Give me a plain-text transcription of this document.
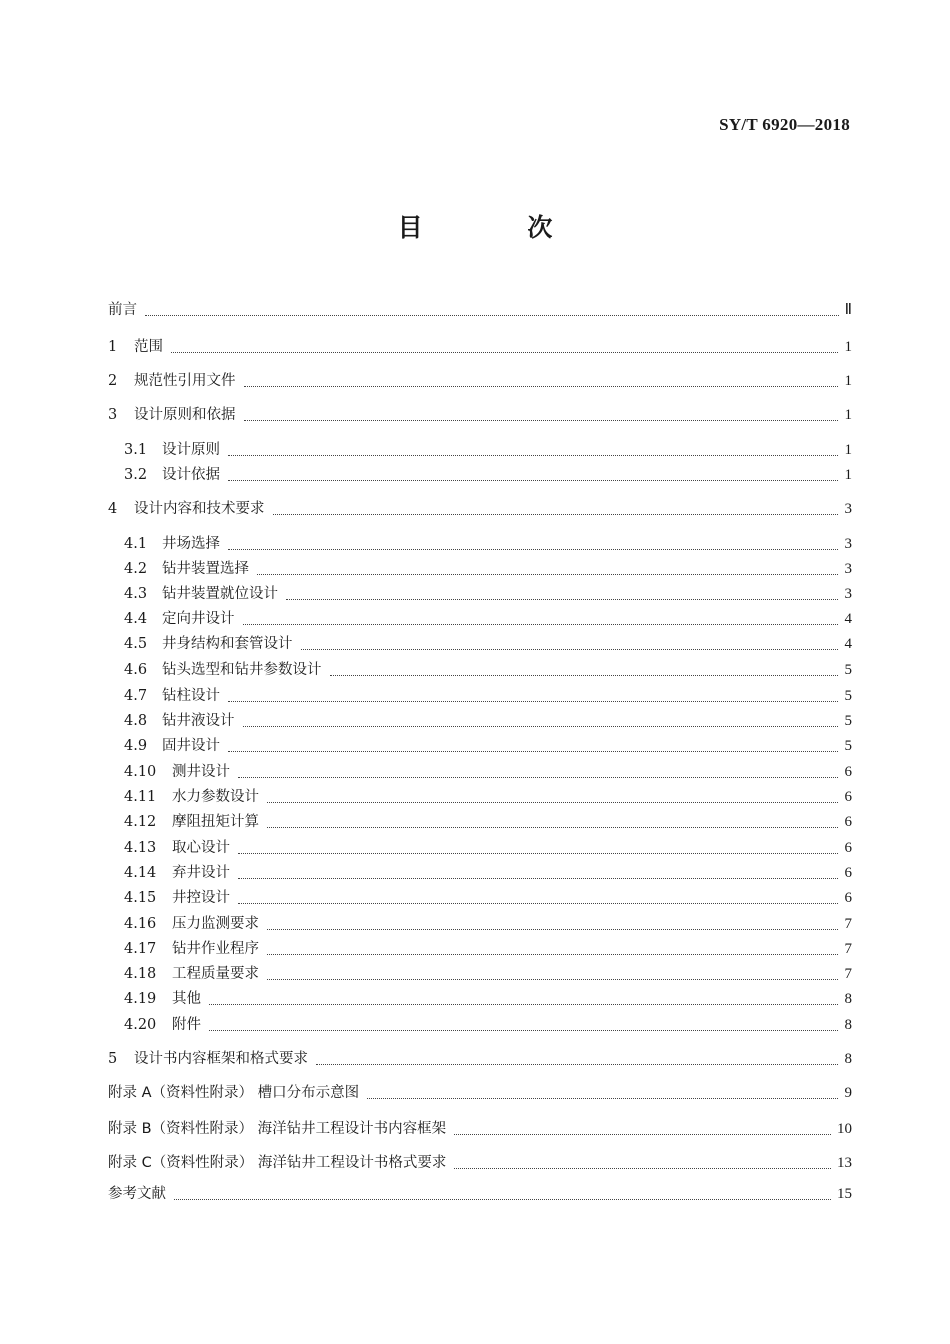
SY/T 6920—2018
目 次
前言	Ⅱ
1 范围	1
2 规范性引用文件	1
3 设计原则和依据	1
3.1 设计原则	1
3.2 设计依据	1
4 设计内容和技术要求	3
4.1 井场选择	3
4.2 钻井装置选择	3
4.3 钻井装置就位设计	3
4.4 定向井设计	4
4.5 井身结构和套管设计	4
4.6 钻头选型和钻井参数设计	5
4.7 钻柱设计	5
4.8 钻井液设计	5
4.9 固井设计	5
4.10 测井设计	6
4.11 水力参数设计	6
4.12 摩阻扭矩计算	6
4.13 取心设计	6
4.14 弃井设计	6
4.15 井控设计	6
4.16 压力监测要求	7
4.17 钻井作业程序	7
4.18 工程质量要求	7
4.19 其他	8
4.20 附件	8
5 设计书内容框架和格式要求	8
附录 A（资料性附录） 槽口分布示意图	9
附录 B（资料性附录） 海洋钻井工程设计书内容框架	10
附录 C（资料性附录） 海洋钻井工程设计书格式要求	13
参考文献	15
